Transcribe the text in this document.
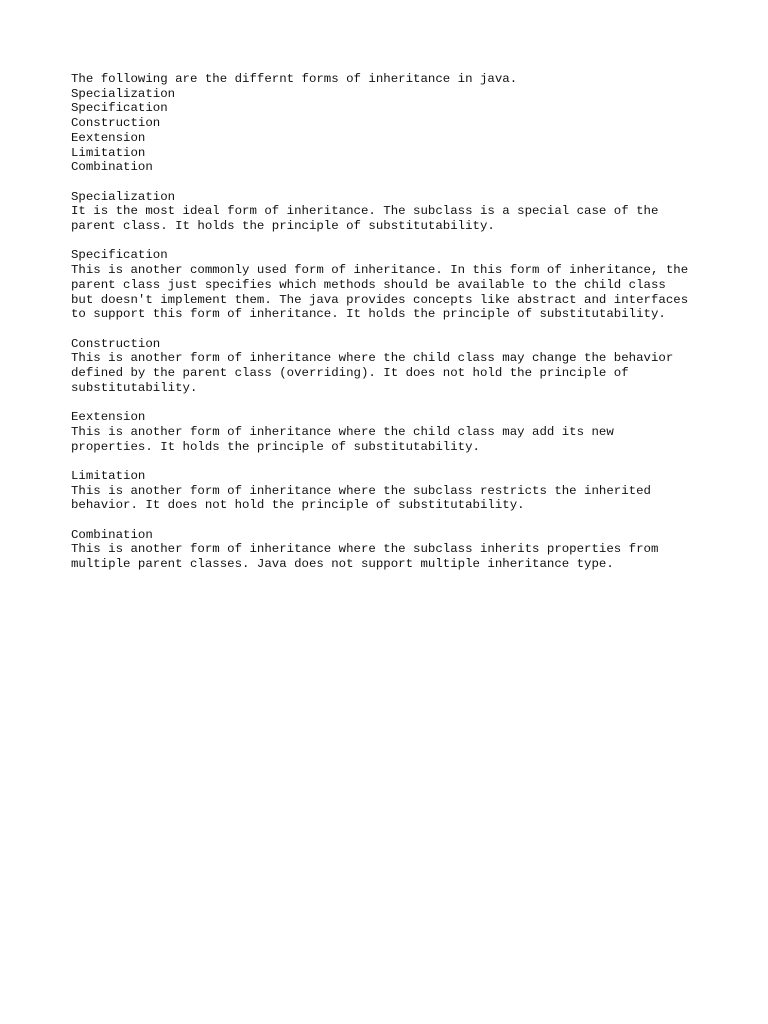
The following are the differnt forms of inheritance in java.
Specialization
Specification
Construction
Eextension
Limitation
Combination
Specialization
It is the most ideal form of inheritance. The subclass is a special case of the
parent class. It holds the principle of substitutability.
Specification
This is another commonly used form of inheritance. In this form of inheritance, the
parent class just specifies which methods should be available to the child class
but doesn't implement them. The java provides concepts like abstract and interfaces
to support this form of inheritance. It holds the principle of substitutability.
Construction
This is another form of inheritance where the child class may change the behavior
defined by the parent class (overriding). It does not hold the principle of
substitutability.
Eextension
This is another form of inheritance where the child class may add its new
properties. It holds the principle of substitutability.
Limitation
This is another form of inheritance where the subclass restricts the inherited
behavior. It does not hold the principle of substitutability.
Combination
This is another form of inheritance where the subclass inherits properties from
multiple parent classes. Java does not support multiple inheritance type.
